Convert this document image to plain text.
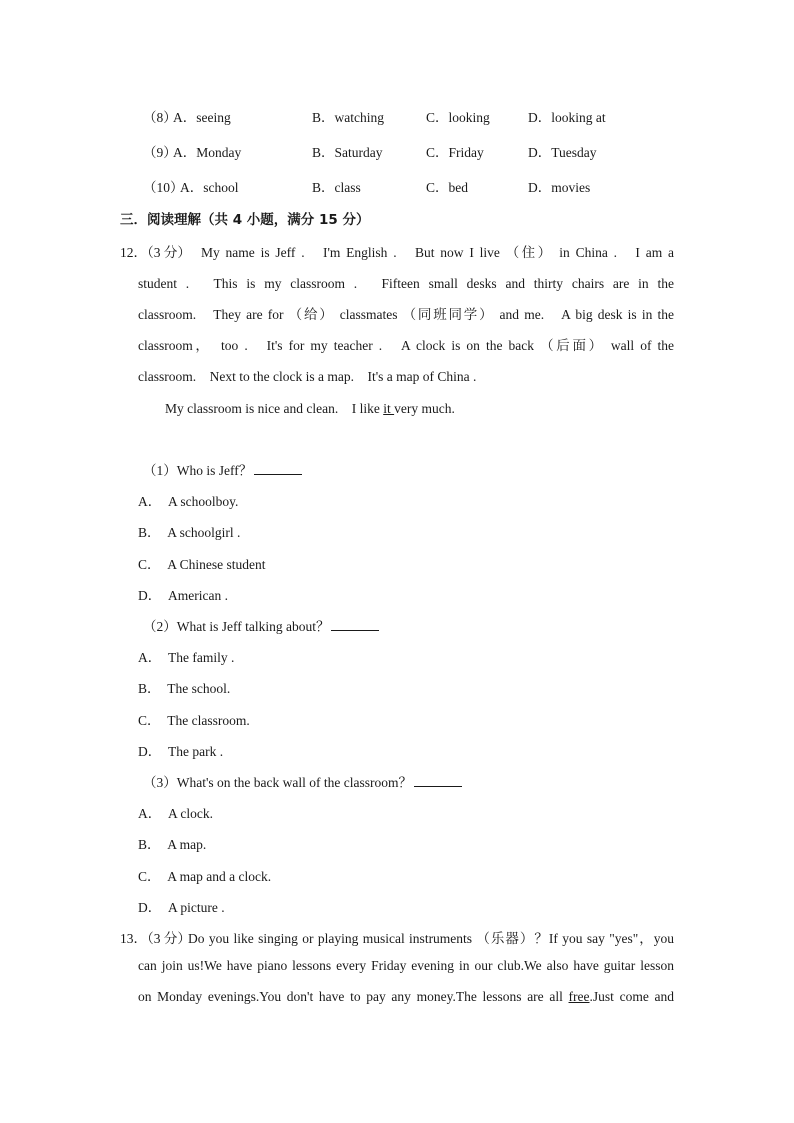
（8）
A．seeing	B．watching	C．looking	D．looking at
（9）
A．Monday	B．Saturday	C．Friday	D．Tuesday
（10）
A．school	B．class	C．bed	D．movies
三．阅读理解（共 4 小题，满分 15 分）
12．（3 分） My name is Jeff .　I'm English .　But now I live （住） in China .　I am a
student .　This is my classroom .　Fifteen small desks and thirty chairs are in the
classroom.　They are for （给） classmates （同班同学） and me.　A big desk is in the
classroom，　too .　It's for my teacher .　A clock is on the back （后面） wall of the
classroom.　Next to the clock is a map.　It's a map of China .
My classroom is nice and clean.　I like it very much.
（1）Who is Jeff？
A．　A schoolboy.
B．　A schoolgirl .
C．　A Chinese student
D．　American .
（2）What is Jeff talking about？
A．　The family .
B．　The school.
C．　The classroom.
D．　The park .
（3）What's on the back wall of the classroom？
A．　A clock.
B．　A map.
C．　A map and a clock.
D．　A picture .
13．（3 分）
Do you like singing or playing musical instruments （乐器）？If you say "yes"，you
can join us!We have piano lessons every Friday evening in our club.We also have guitar lesson
on Monday evenings.You don't have to pay any money.The lessons are all free.Just come and
